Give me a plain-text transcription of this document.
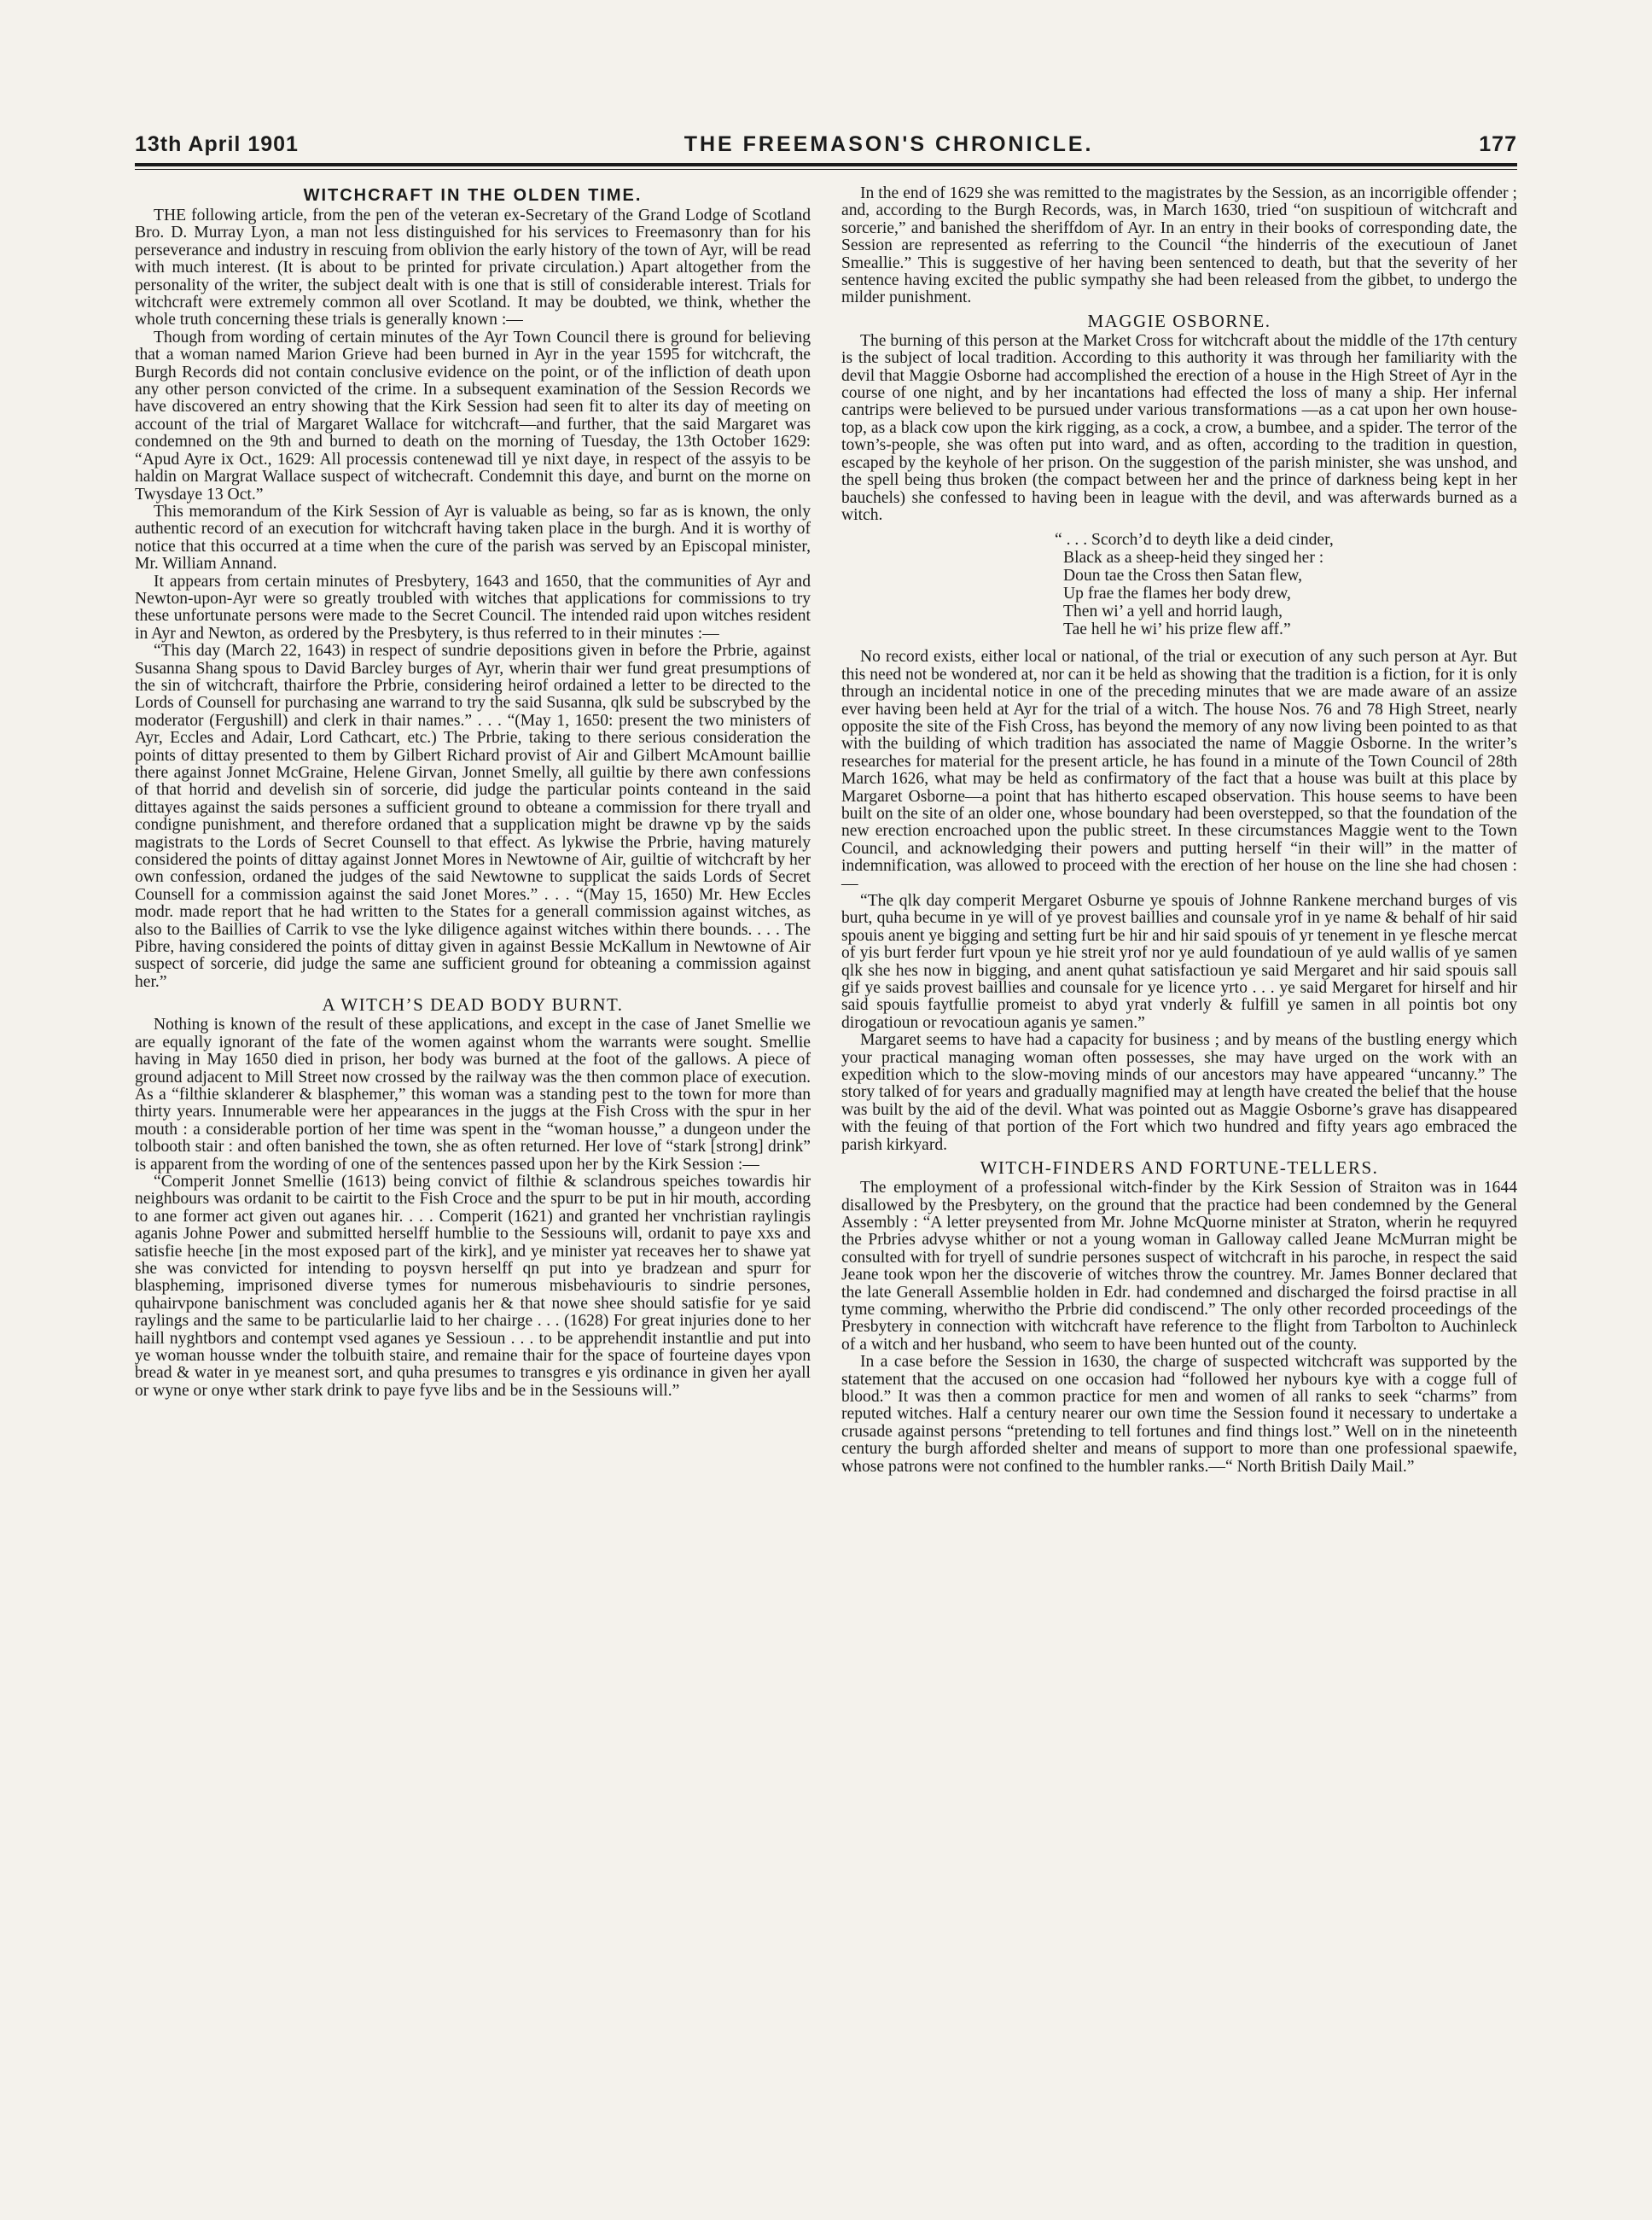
13th April 1901	THE FREEMASON'S CHRONICLE.	177
WITCHCRAFT IN THE OLDEN TIME.

THE following article, from the pen of the veteran ex-Secretary of the Grand Lodge of Scotland Bro. D. Murray Lyon, a man not less distinguished for his services to Freemasonry than for his perseverance and industry in rescuing from oblivion the early history of the town of Ayr, will be read with much interest. (It is about to be printed for private circulation.) Apart altogether from the personality of the writer, the subject dealt with is one that is still of considerable interest. Trials for witchcraft were extremely common all over Scotland. It may be doubted, we think, whether the whole truth concerning these trials is generally known :—

Though from wording of certain minutes of the Ayr Town Council there is ground for believing that a woman named Marion Grieve had been burned in Ayr in the year 1595 for witchcraft, the Burgh Records did not contain conclusive evidence on the point, or of the infliction of death upon any other person convicted of the crime. In a subsequent examination of the Session Records we have discovered an entry showing that the Kirk Session had seen fit to alter its day of meeting on account of the trial of Margaret Wallace for witchcraft—and further, that the said Margaret was condemned on the 9th and burned to death on the morning of Tuesday, the 13th October 1629: “Apud Ayre ix Oct., 1629: All processis contenewad till ye nixt daye, in respect of the assyis to be haldin on Margrat Wallace suspect of witchecraft. Condemnit this daye, and burnt on the morne on Twysdaye 13 Oct.”

This memorandum of the Kirk Session of Ayr is valuable as being, so far as is known, the only authentic record of an execution for witchcraft having taken place in the burgh. And it is worthy of notice that this occurred at a time when the cure of the parish was served by an Episcopal minister, Mr. William Annand.

It appears from certain minutes of Presbytery, 1643 and 1650, that the communities of Ayr and Newton-upon-Ayr were so greatly troubled with witches that applications for commissions to try these unfortunate persons were made to the Secret Council. The intended raid upon witches resident in Ayr and Newton, as ordered by the Presbytery, is thus referred to in their minutes :—

“This day (March 22, 1643) in respect of sundrie depositions given in before the Prbrie, against Susanna Shang spous to David Barcley burges of Ayr, wherin thair wer fund great presumptions of the sin of witchcraft, thairfore the Prbrie, considering heirof ordained a letter to be directed to the Lords of Counsell for purchasing ane warrand to try the said Susanna, qlk suld be subscrybed by the moderator (Fergushill) and clerk in thair names.” . . . “(May 1, 1650: present the two ministers of Ayr, Eccles and Adair, Lord Cathcart, etc.) The Prbrie, taking to there serious consideration the points of dittay presented to them by Gilbert Richard provist of Air and Gilbert McAmount baillie there against Jonnet McGraine, Helene Girvan, Jonnet Smelly, all guiltie by there awn confessions of that horrid and develish sin of sorcerie, did judge the particular points conteand in the said dittayes against the saids persones a sufficient ground to obteane a commission for there tryall and condigne punishment, and therefore ordaned that a supplication might be drawne vp by the saids magistrats to the Lords of Secret Counsell to that effect. As lykwise the Prbrie, having maturely considered the points of dittay against Jonnet Mores in Newtowne of Air, guiltie of witchcraft by her own confession, ordaned the judges of the said Newtowne to supplicat the saids Lords of Secret Counsell for a commission against the said Jonet Mores.” . . . “(May 15, 1650) Mr. Hew Eccles modr. made report that he had written to the States for a generall commission against witches, as also to the Baillies of Carrik to vse the lyke diligence against witches within there bounds. . . . The Pibre, having considered the points of dittay given in against Bessie McKallum in Newtowne of Air suspect of sorcerie, did judge the same ane sufficient ground for obteaning a commission against her.”

A WITCH’S DEAD BODY BURNT.

Nothing is known of the result of these applications, and except in the case of Janet Smellie we are equally ignorant of the fate of the women against whom the warrants were sought. Smellie having in May 1650 died in prison, her body was burned at the foot of the gallows. A piece of ground adjacent to Mill Street now crossed by the railway was the then common place of execution. As a “filthie sklanderer & blasphemer,” this woman was a standing pest to the town for more than thirty years. Innumerable were her appearances in the juggs at the Fish Cross with the spur in her mouth : a considerable portion of her time was spent in the “woman housse,” a dungeon under the tolbooth stair : and often banished the town, she as often returned. Her love of “stark [strong] drink” is apparent from the wording of one of the sentences passed upon her by the Kirk Session :—

“Comperit Jonnet Smellie (1613) being convict of filthie & sclandrous speiches towardis hir neighbours was ordanit to be cairtit to the Fish Croce and the spurr to be put in hir mouth, according to ane former act given out aganes hir. . . . Comperit (1621) and granted her vnchristian raylingis aganis Johne Power and submitted herselff humblie to the Sessiouns will, ordanit to paye xxs and satisfie heeche [in the most exposed part of the kirk], and ye minister yat receaves her to shawe yat she was convicted for intending to poysvn herselff qn put into ye bradzean and spurr for blaspheming, imprisoned diverse tymes for numerous misbehaviouris to sindrie persones, quhairvpone banischment was concluded aganis her & that nowe shee should satisfie for ye said raylings and the same to be particularlie laid to her chairge . . . (1628) For great injuries done to her haill nyghtbors and contempt vsed aganes ye Sessioun . . . to be apprehendit instantlie and put into ye woman housse wnder the tolbuith staire, and remaine thair for the space of fourteine dayes vpon bread & water in ye meanest sort, and quha presumes to transgres e yis ordinance in given her ayall or wyne or onye wther stark drink to paye fyve libs and be in the Sessiouns will.”

In the end of 1629 she was remitted to the magistrates by the Session, as an incorrigible offender ; and, according to the Burgh Records, was, in March 1630, tried “on suspitioun of witchcraft and sorcerie,” and banished the sheriffdom of Ayr. In an entry in their books of corresponding date, the Session are represented as referring to the Council “the hinderris of the executioun of Janet Smeallie.” This is suggestive of her having been sentenced to death, but that the severity of her sentence having excited the public sympathy she had been released from the gibbet, to undergo the milder punishment.

MAGGIE OSBORNE.

The burning of this person at the Market Cross for witchcraft about the middle of the 17th century is the subject of local tradition. According to this authority it was through her familiarity with the devil that Maggie Osborne had accomplished the erection of a house in the High Street of Ayr in the course of one night, and by her incantations had effected the loss of many a ship. Her infernal cantrips were believed to be pursued under various transformations —as a cat upon her own house-top, as a black cow upon the kirk rigging, as a cock, a crow, a bumbee, and a spider. The terror of the town’s-people, she was often put into ward, and as often, according to the tradition in question, escaped by the keyhole of her prison. On the suggestion of the parish minister, she was unshod, and the spell being thus broken (the compact between her and the prince of darkness being kept in her bauchels) she confessed to having been in league with the devil, and was afterwards burned as a witch.

“ . . . Scorch’d to deyth like a deid cinder,
Black as a sheep-heid they singed her :
Doun tae the Cross then Satan flew,
Up frae the flames her body drew,
Then wi’ a yell and horrid laugh,
Tae hell he wi’ his prize flew aff.”

No record exists, either local or national, of the trial or execution of any such person at Ayr. But this need not be wondered at, nor can it be held as showing that the tradition is a fiction, for it is only through an incidental notice in one of the preceding minutes that we are made aware of an assize ever having been held at Ayr for the trial of a witch. The house Nos. 76 and 78 High Street, nearly opposite the site of the Fish Cross, has beyond the memory of any now living been pointed to as that with the building of which tradition has associated the name of Maggie Osborne. In the writer’s researches for material for the present article, he has found in a minute of the Town Council of 28th March 1626, what may be held as confirmatory of the fact that a house was built at this place by Margaret Osborne—a point that has hitherto escaped observation. This house seems to have been built on the site of an older one, whose boundary had been overstepped, so that the foundation of the new erection encroached upon the public street. In these circumstances Maggie went to the Town Council, and acknowledging their powers and putting herself “in their will” in the matter of indemnification, was allowed to proceed with the erection of her house on the line she had chosen :—

“The qlk day comperit Mergaret Osburne ye spouis of Johnne Rankene merchand burges of vis burt, quha becume in ye will of ye provest baillies and counsale yrof in ye name & behalf of hir said spouis anent ye bigging and setting furt be hir and hir said spouis of yr tenement in ye flesche mercat of yis burt ferder furt vpoun ye hie streit yrof nor ye auld foundatioun of ye auld wallis of ye samen qlk she hes now in bigging, and anent quhat satisfactioun ye said Mergaret and hir said spouis sall gif ye saids provest baillies and counsale for ye licence yrto . . . ye said Mergaret for hirself and hir said spouis faytfullie promeist to abyd yrat vnderly & fulfill ye samen in all pointis bot ony dirogatioun or revocatioun aganis ye samen.”

Margaret seems to have had a capacity for business ; and by means of the bustling energy which your practical managing woman often possesses, she may have urged on the work with an expedition which to the slow-moving minds of our ancestors may have appeared “uncanny.” The story talked of for years and gradually magnified may at length have created the belief that the house was built by the aid of the devil. What was pointed out as Maggie Osborne’s grave has disappeared with the feuing of that portion of the Fort which two hundred and fifty years ago embraced the parish kirkyard.

WITCH-FINDERS AND FORTUNE-TELLERS.

The employment of a professional witch-finder by the Kirk Session of Straiton was in 1644 disallowed by the Presbytery, on the ground that the practice had been condemned by the General Assembly : “A letter preysented from Mr. Johne McQuorne minister at Straton, wherin he requyred the Prbries advyse whither or not a young woman in Galloway called Jeane McMurran might be consulted with for tryell of sundrie persones suspect of witchcraft in his paroche, in respect the said Jeane took wpon her the discoverie of witches throw the countrey. Mr. James Bonner declared that the late Generall Assemblie holden in Edr. had condemned and discharged the foirsd practise in all tyme comming, wherwitho the Prbrie did condiscend.” The only other recorded proceedings of the Presbytery in connection with witchcraft have reference to the flight from Tarbolton to Auchinleck of a witch and her husband, who seem to have been hunted out of the county.

In a case before the Session in 1630, the charge of suspected witchcraft was supported by the statement that the accused on one occasion had “followed her nybours kye with a cogge full of blood.” It was then a common practice for men and women of all ranks to seek “charms” from reputed witches. Half a century nearer our own time the Session found it necessary to undertake a crusade against persons “pretending to tell fortunes and find things lost.” Well on in the nineteenth century the burgh afforded shelter and means of support to more than one professional spaewife, whose patrons were not confined to the humbler ranks.—“ North British Daily Mail.”
